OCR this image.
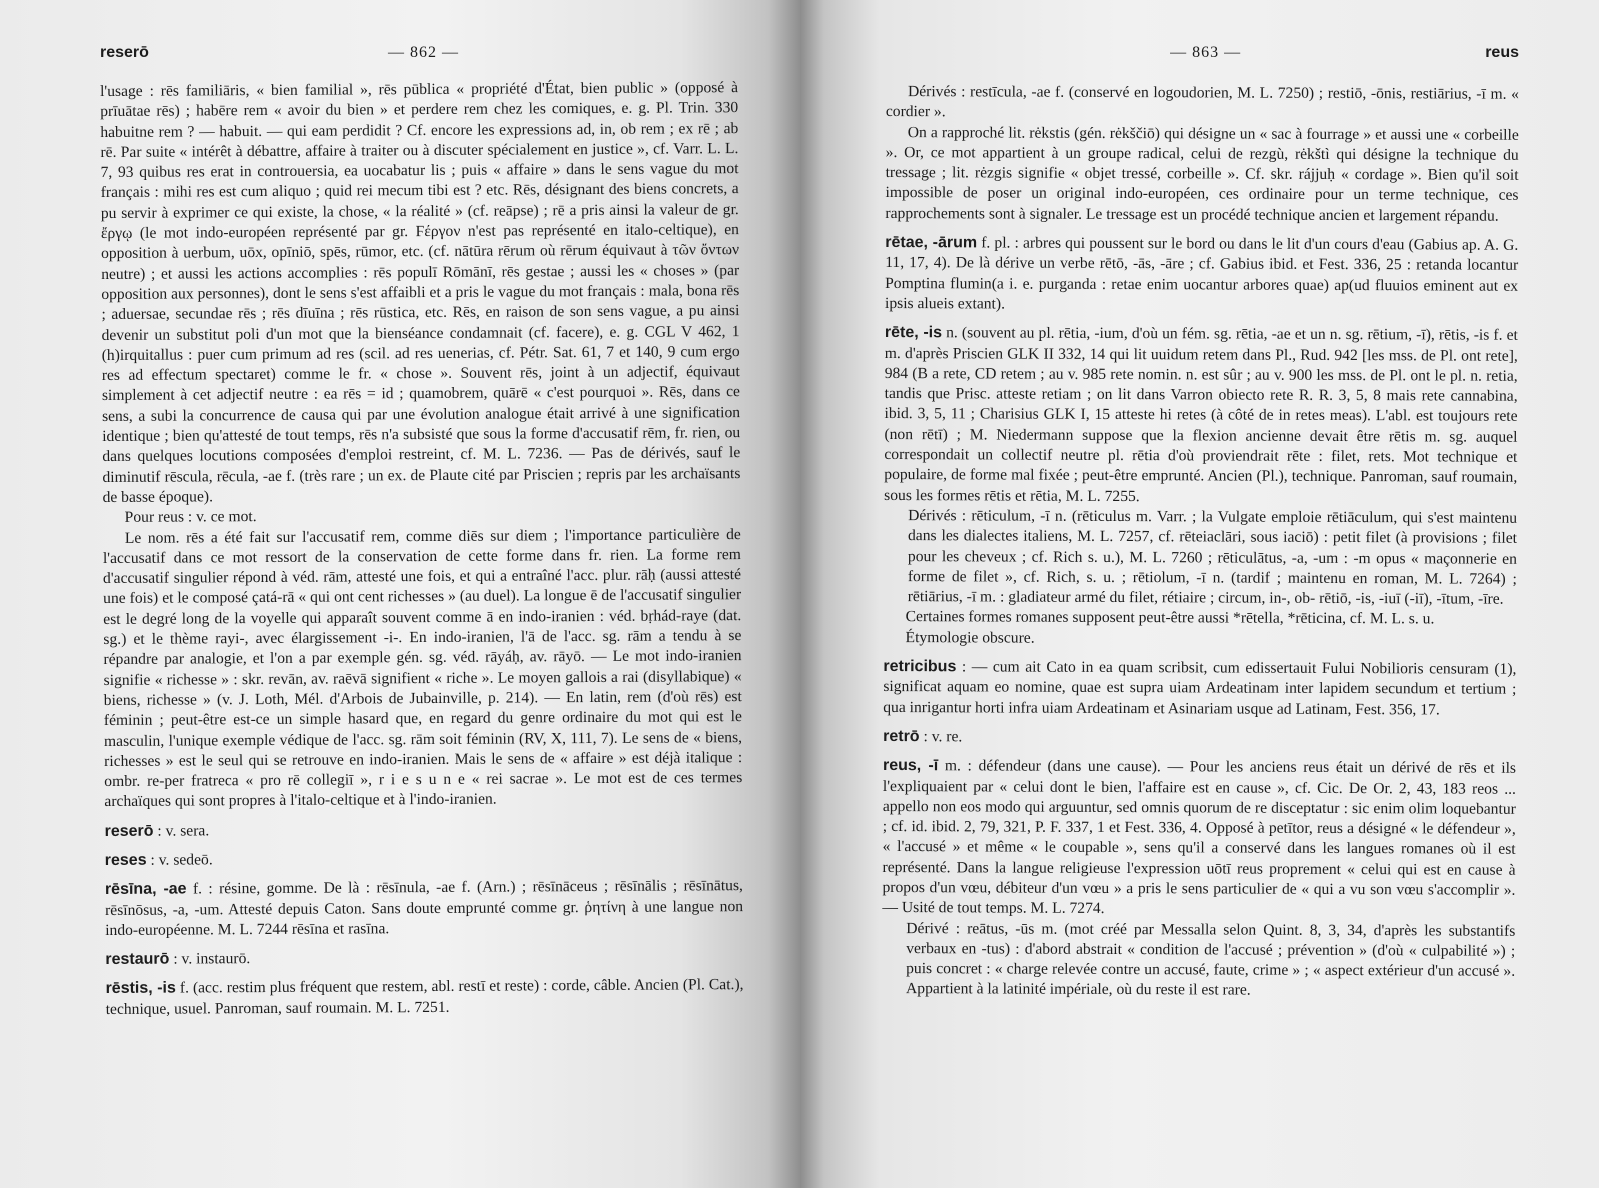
reserō	— 862 —

l'usage : rēs familiāris, « bien familial », rēs pūblica « propriété d'État, bien public » (opposé à prīuātae rēs) ; habēre rem « avoir du bien » et perdere rem chez les comiques, e. g. Pl. Trin. 330 habuitne rem ? — habuit. — qui eam perdidit ? Cf. encore les expressions ad, in, ob rem ; ex rē ; ab rē. Par suite « intérêt à débattre, affaire à traiter ou à discuter spécialement en justice », cf. Varr. L. L. 7, 93 quibus res erat in controuersia, ea uocabatur lis ; puis « affaire » dans le sens vague du mot français : mihi res est cum aliquo ; quid rei mecum tibi est ? etc. Rēs, désignant des biens concrets, a pu servir à exprimer ce qui existe, la chose, « la réalité » (cf. reāpse) ; rē a pris ainsi la valeur de gr. ἔργῳ (le mot indo-européen représenté par gr. Ϝέργον n'est pas représenté en italo-celtique), en opposition à uerbum, uōx, opīniō, spēs, rūmor, etc. (cf. nātūra rērum où rērum équivaut à τῶν ὄντων neutre) ; et aussi les actions accomplies : rēs populī Rōmānī, rēs gestae ; aussi les « choses » (par opposition aux personnes), dont le sens s'est affaibli et a pris le vague du mot français : mala, bona rēs ; aduersae, secundae rēs ; rēs dīuīna ; rēs rūstica, etc. Rēs, en raison de son sens vague, a pu ainsi devenir un substitut poli d'un mot que la bienséance condamnait (cf. facere), e. g. CGL V 462, 1 (h)irquitallus : puer cum primum ad res (scil. ad res uenerias, cf. Pétr. Sat. 61, 7 et 140, 9 cum ergo res ad effectum spectaret) comme le fr. « chose ». Souvent rēs, joint à un adjectif, équivaut simplement à cet adjectif neutre : ea rēs = id ; quamobrem, quārē « c'est pourquoi ». Rēs, dans ce sens, a subi la concurrence de causa qui par une évolution analogue était arrivé à une signification identique ; bien qu'attesté de tout temps, rēs n'a subsisté que sous la forme d'accusatif rēm, fr. rien, ou dans quelques locutions composées d'emploi restreint, cf. M. L. 7236. — Pas de dérivés, sauf le diminutif rēscula, rēcula, -ae f. (très rare ; un ex. de Plaute cité par Priscien ; repris par les archaïsants de basse époque).

Pour reus : v. ce mot.

Le nom. rēs a été fait sur l'accusatif rem, comme diēs sur diem ; l'importance particulière de l'accusatif dans ce mot ressort de la conservation de cette forme dans fr. rien. La forme rem d'accusatif singulier répond à véd. rām, attesté une fois, et qui a entraîné l'acc. plur. rāḥ (aussi attesté une fois) et le composé çatá-rā « qui ont cent richesses » (au duel). La longue ē de l'accusatif singulier est le degré long de la voyelle qui apparaît souvent comme ā en indo-iranien : véd. bṛhád-raye (dat. sg.) et le thème rayi-, avec élargissement -i-. En indo-iranien, l'ā de l'acc. sg. rām a tendu à se répandre par analogie, et l'on a par exemple gén. sg. véd. rāyáḥ, av. rāyō. — Le mot indo-iranien signifie « richesse » : skr. revān, av. raēvā signifient « riche ». Le moyen gallois a rai (disyllabique) « biens, richesse » (v. J. Loth, Mél. d'Arbois de Jubainville, p. 214). — En latin, rem (d'où rēs) est féminin ; peut-être est-ce un simple hasard que, en regard du genre ordinaire du mot qui est le masculin, l'unique exemple védique de l'acc. sg. rām soit féminin (RV, X, 111, 7). Le sens de « biens, richesses » est le seul qui se retrouve en indo-iranien. Mais le sens de « affaire » est déjà italique : ombr. re-per fratreca « pro rē collegiī », r i e s u n e « rei sacrae ». Le mot est de ces termes archaïques qui sont propres à l'italo-celtique et à l'indo-iranien.

reserō : v. sera.

reses : v. sedeō.

rēsīna, -ae f. : résine, gomme. De là : rēsīnula, -ae f. (Arn.) ; rēsīnāceus ; rēsīnālis ; rēsīnātus, rēsīnōsus, -a, -um. Attesté depuis Caton. Sans doute emprunté comme gr. ῥητίνη à une langue non indo-européenne. M. L. 7244 rēsīna et rasīna.

restaurō : v. instaurō.

rēstis, -is f. (acc. restim plus fréquent que restem, abl. restī et reste) : corde, câble. Ancien (Pl. Cat.), technique, usuel. Panroman, sauf roumain. M. L. 7251.

— 863 —	reus

Dérivés : restīcula, -ae f. (conservé en logoudorien, M. L. 7250) ; restiō, -ōnis, restiārius, -ī m. « cordier ».

On a rapproché lit. rėkstis (gén. rėkščiō) qui désigne un « sac à fourrage » et aussi une « corbeille ». Or, ce mot appartient à un groupe radical, celui de rezgù, rėkštì qui désigne la technique du tressage ; lit. rėzgis signifie « objet tressé, corbeille ». Cf. skr. rájjuḥ « cordage ». Bien qu'il soit impossible de poser un original indo-européen, ces ordinaire pour un terme technique, ces rapprochements sont à signaler. Le tressage est un procédé technique ancien et largement répandu.

rētae, -ārum f. pl. : arbres qui poussent sur le bord ou dans le lit d'un cours d'eau (Gabius ap. A. G. 11, 17, 4). De là dérive un verbe rētō, -ās, -āre ; cf. Gabius ibid. et Fest. 336, 25 : retanda locantur Pomptina flumin(a i. e. purganda : retae enim uocantur arbores quae) ap(ud fluuios eminent aut ex ipsis alueis extant).

rēte, -is n. (souvent au pl. rētia, -ium, d'où un fém. sg. rētia, -ae et un n. sg. rētium, -ī), rētis, -is f. et m. d'après Priscien GLK II 332, 14 qui lit uuidum retem dans Pl., Rud. 942 [les mss. de Pl. ont rete], 984 (B a rete, CD retem ; au v. 985 rete nomin. n. est sûr ; au v. 900 les mss. de Pl. ont le pl. n. retia, tandis que Prisc. atteste retiam ; on lit dans Varron obiecto rete R. R. 3, 5, 8 mais rete cannabina, ibid. 3, 5, 11 ; Charisius GLK I, 15 atteste hi retes (à côté de in retes meas). L'abl. est toujours rete (non rētī) ; M. Niedermann suppose que la flexion ancienne devait être rētis m. sg. auquel correspondait un collectif neutre pl. rētia d'où proviendrait rēte : filet, rets. Mot technique et populaire, de forme mal fixée ; peut-être emprunté. Ancien (Pl.), technique. Panroman, sauf roumain, sous les formes rētis et rētia, M. L. 7255.

Dérivés : rēticulum, -ī n. (rēticulus m. Varr. ; la Vulgate emploie rētiāculum, qui s'est maintenu dans les dialectes italiens, M. L. 7257, cf. rēteiaclāri, sous iaciō) : petit filet (à provisions ; filet pour les cheveux ; cf. Rich s. u.), M. L. 7260 ; rēticulātus, -a, -um : -m opus « maçonnerie en forme de filet », cf. Rich, s. u. ; rētiolum, -ī n. (tardif ; maintenu en roman, M. L. 7264) ; rētiārius, -ī m. : gladiateur armé du filet, rétiaire ; circum, in-, ob- rētiō, -is, -iuī (-iī), -ītum, -īre.

Certaines formes romanes supposent peut-être aussi *rētella, *rēticina, cf. M. L. s. u.

Étymologie obscure.

retricibus : — cum ait Cato in ea quam scribsit, cum edissertauit Fului Nobilioris censuram (1), significat aquam eo nomine, quae est supra uiam Ardeatinam inter lapidem secundum et tertium ; qua inrigantur horti infra uiam Ardeatinam et Asinariam usque ad Latinam, Fest. 356, 17.

retrō : v. re.

reus, -ī m. : défendeur (dans une cause). — Pour les anciens reus était un dérivé de rēs et ils l'expliquaient par « celui dont le bien, l'affaire est en cause », cf. Cic. De Or. 2, 43, 183 reos ... appello non eos modo qui arguuntur, sed omnis quorum de re disceptatur : sic enim olim loquebantur ; cf. id. ibid. 2, 79, 321, P. F. 337, 1 et Fest. 336, 4. Opposé à petītor, reus a désigné « le défendeur », « l'accusé » et même « le coupable », sens qu'il a conservé dans les langues romanes où il est représenté. Dans la langue religieuse l'expression uōtī reus proprement « celui qui est en cause à propos d'un vœu, débiteur d'un vœu » a pris le sens particulier de « qui a vu son vœu s'accomplir ». — Usité de tout temps. M. L. 7274.

Dérivé : reātus, -ūs m. (mot créé par Messalla selon Quint. 8, 3, 34, d'après les substantifs verbaux en -tus) : d'abord abstrait « condition de l'accusé ; prévention » (d'où « culpabilité ») ; puis concret : « charge relevée contre un accusé, faute, crime » ; « aspect extérieur d'un accusé ». Appartient à la latinité impériale, où du reste il est rare.
